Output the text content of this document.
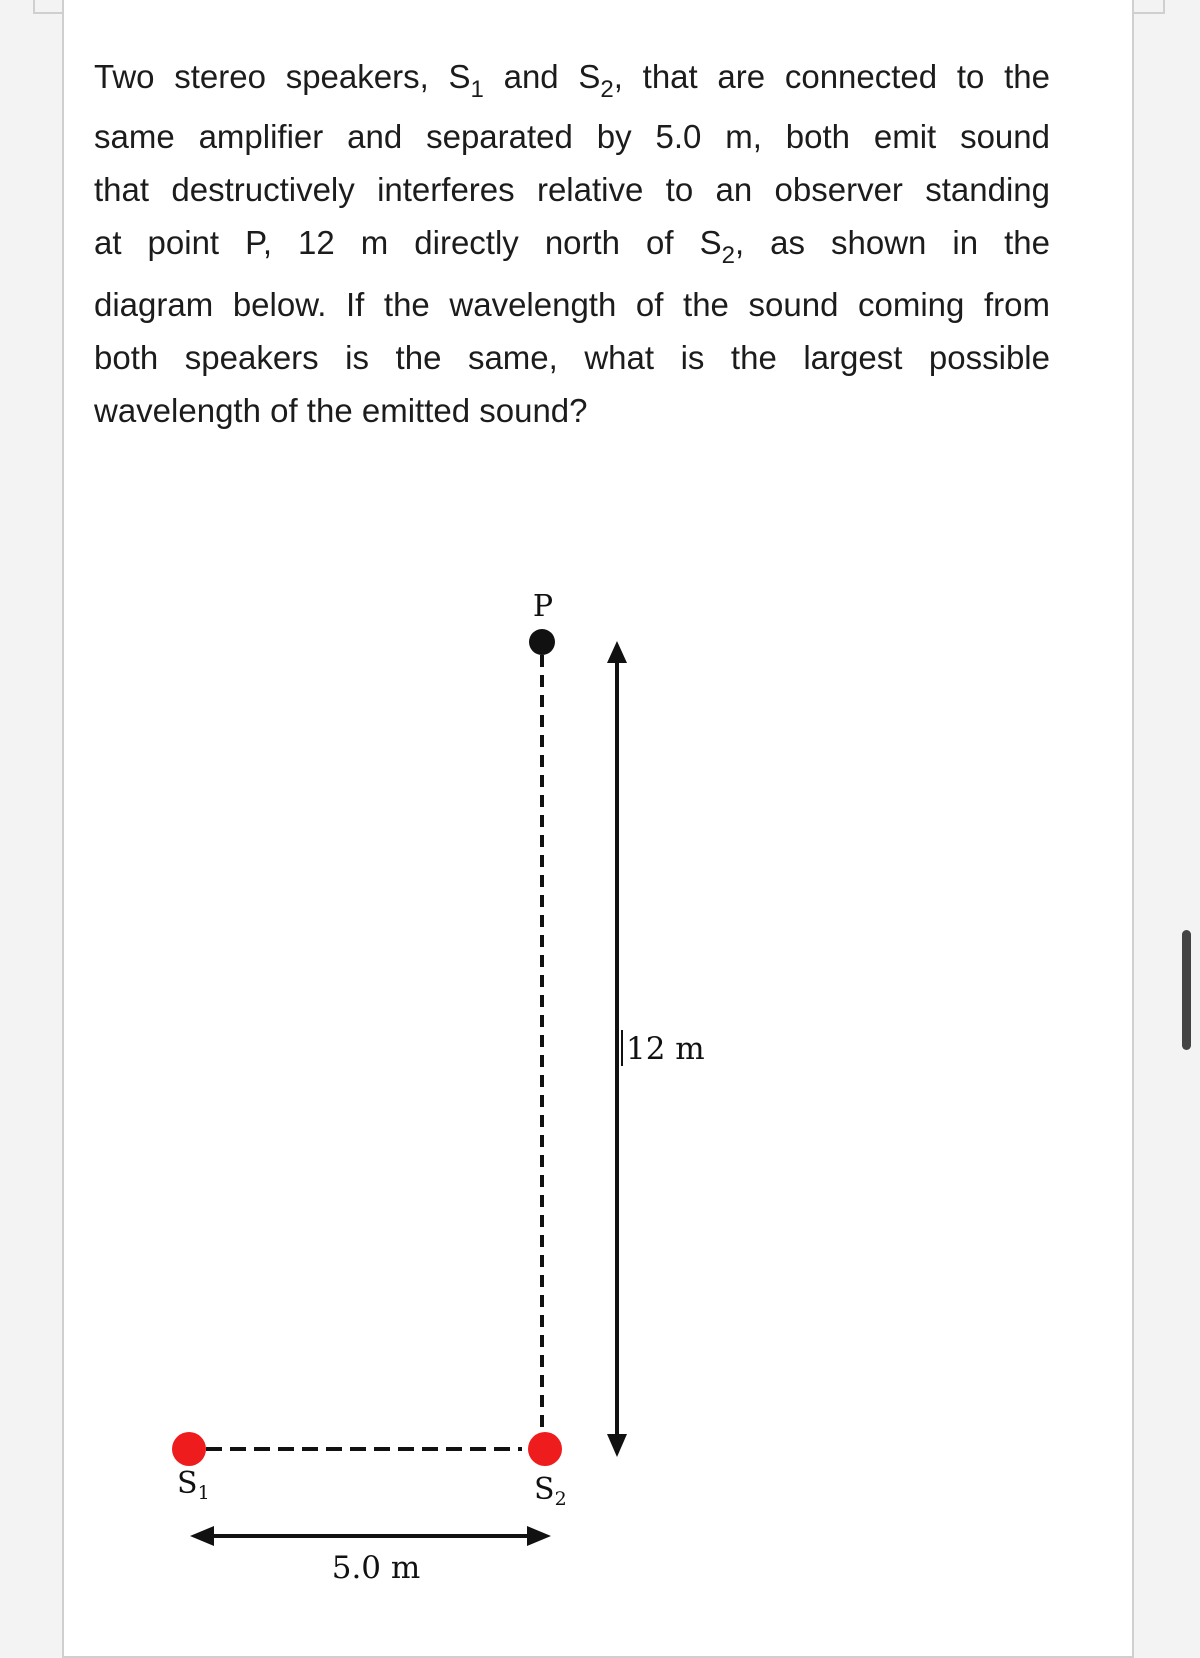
Two stereo speakers, $S_1$ and $S_2$, that are connected to the
same amplifier and separated by 5.0 m, both emit sound
that destructively interferes relative to an observer standing
at point P, 12 m directly north of $S_2$, as shown in the
diagram below. If the wavelength of the sound coming from
both speakers is the same, what is the largest possible
wavelength of the emitted sound?
P
$S_1$	$S_2$
12 m
5.0 m
